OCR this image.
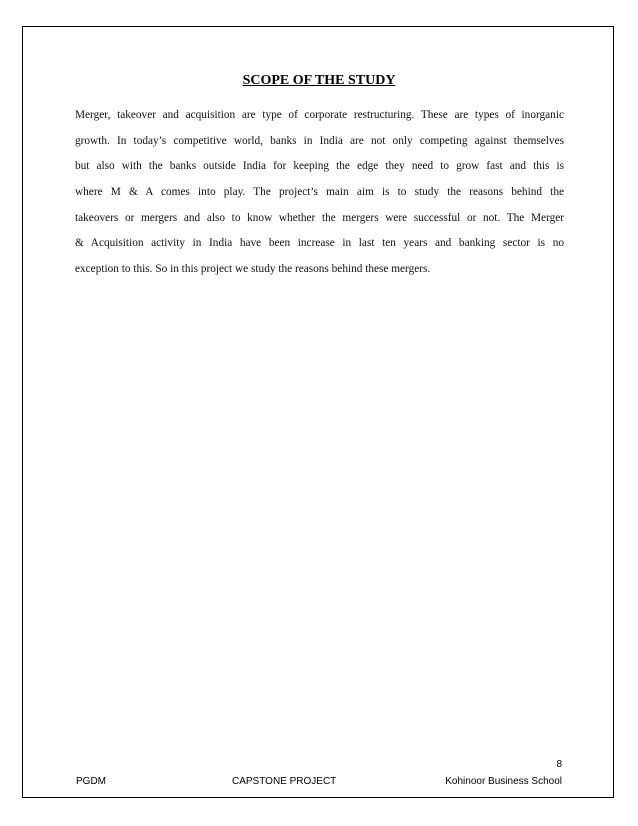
SCOPE OF THE STUDY
Merger, takeover and acquisition are type of corporate restructuring. These are types of inorganic
growth. In today’s competitive world, banks in India are not only competing against themselves
but also with the banks outside India for keeping the edge they need to grow fast and this is
where M & A comes into play. The project’s main aim is to study the reasons behind the
takeovers or mergers and also to know whether the mergers were successful or not. The Merger
& Acquisition activity in India have been increase in last ten years and banking sector is no
exception to this. So in this project we study the reasons behind these mergers.
8
PGDM	CAPSTONE PROJECT	Kohinoor Business School
